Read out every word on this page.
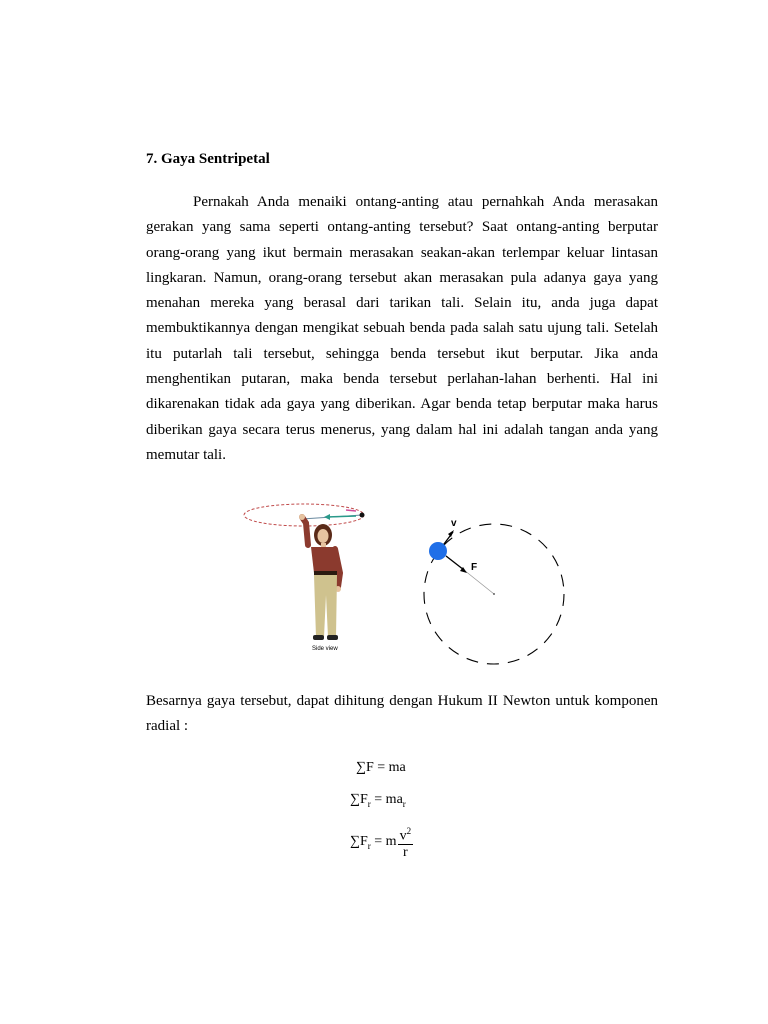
7. Gaya Sentripetal
Pernakah Anda menaiki ontang-anting atau pernahkah Anda merasakan gerakan yang sama seperti ontang-anting tersebut? Saat ontang-anting berputar orang-orang yang ikut bermain merasakan seakan-akan terlempar keluar lintasan lingkaran. Namun, orang-orang tersebut akan merasakan pula adanya gaya yang menahan mereka yang berasal dari tarikan tali. Selain itu, anda juga dapat membuktikannya dengan mengikat sebuah benda pada salah satu ujung tali. Setelah itu putarlah tali tersebut, sehingga benda tersebut ikut berputar. Jika anda menghentikan putaran, maka benda tersebut perlahan-lahan berhenti. Hal ini dikarenakan tidak ada gaya yang diberikan. Agar benda tetap berputar maka harus diberikan gaya secara terus menerus, yang dalam hal ini adalah tangan anda yang memutar tali.
Side view
v
F
Besarnya gaya tersebut, dapat dihitung dengan Hukum II Newton untuk komponen radial :
∑F = ma
$\sum F_r = ma_r$
$\sum F_r = m \frac{v^2}{r}$
